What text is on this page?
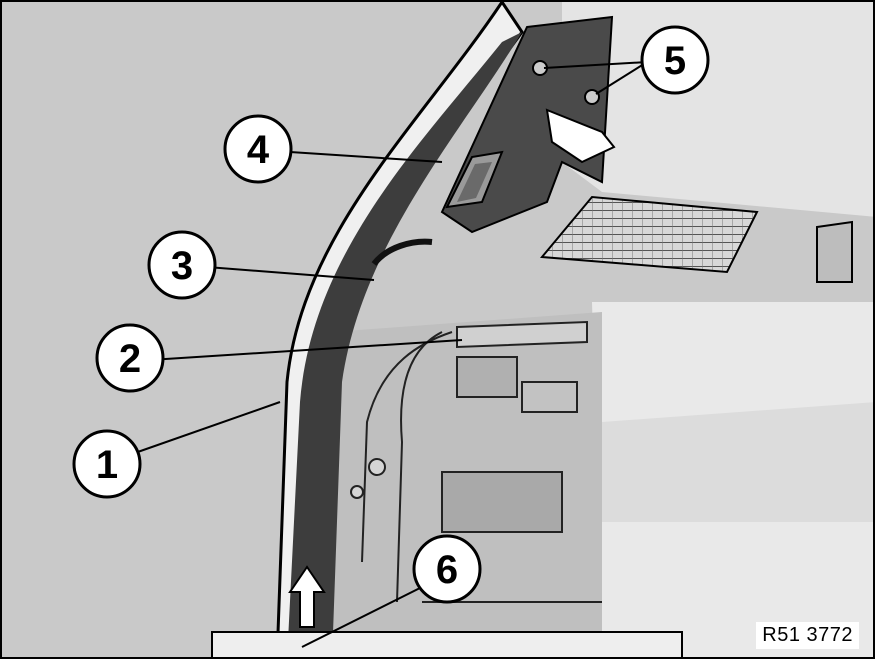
1
2
3
4
5
6
R51 3772
